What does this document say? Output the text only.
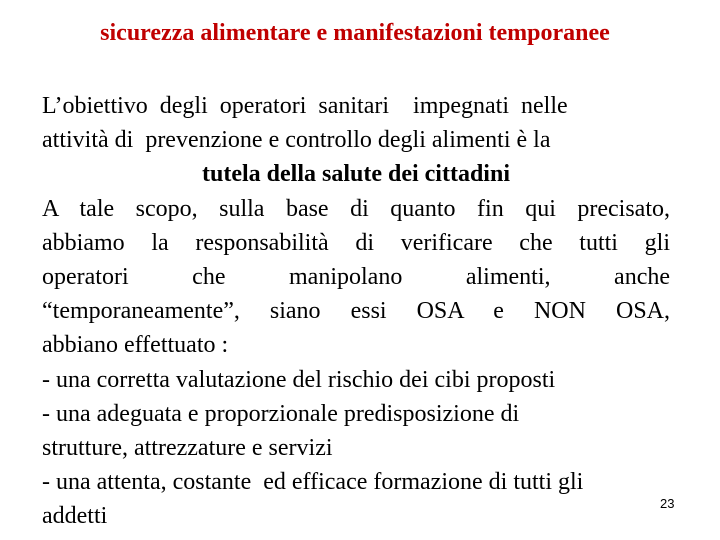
sicurezza alimentare e manifestazioni temporanee
L’obiettivo  degli  operatori  sanitari    impegnati  nelle
attività di  prevenzione e controllo degli alimenti è la
tutela della salute dei cittadini
A tale scopo, sulla base di quanto fin qui precisato,
abbiamo la responsabilità di verificare che tutti gli
operatori che manipolano alimenti, anche
“temporaneamente”, siano essi OSA e NON OSA,
abbiano effettuato :
- una corretta valutazione del rischio dei cibi proposti
- una adeguata e proporzionale predisposizione di
strutture, attrezzature e servizi
- una attenta, costante  ed efficace formazione di tutti gli
addetti	23
